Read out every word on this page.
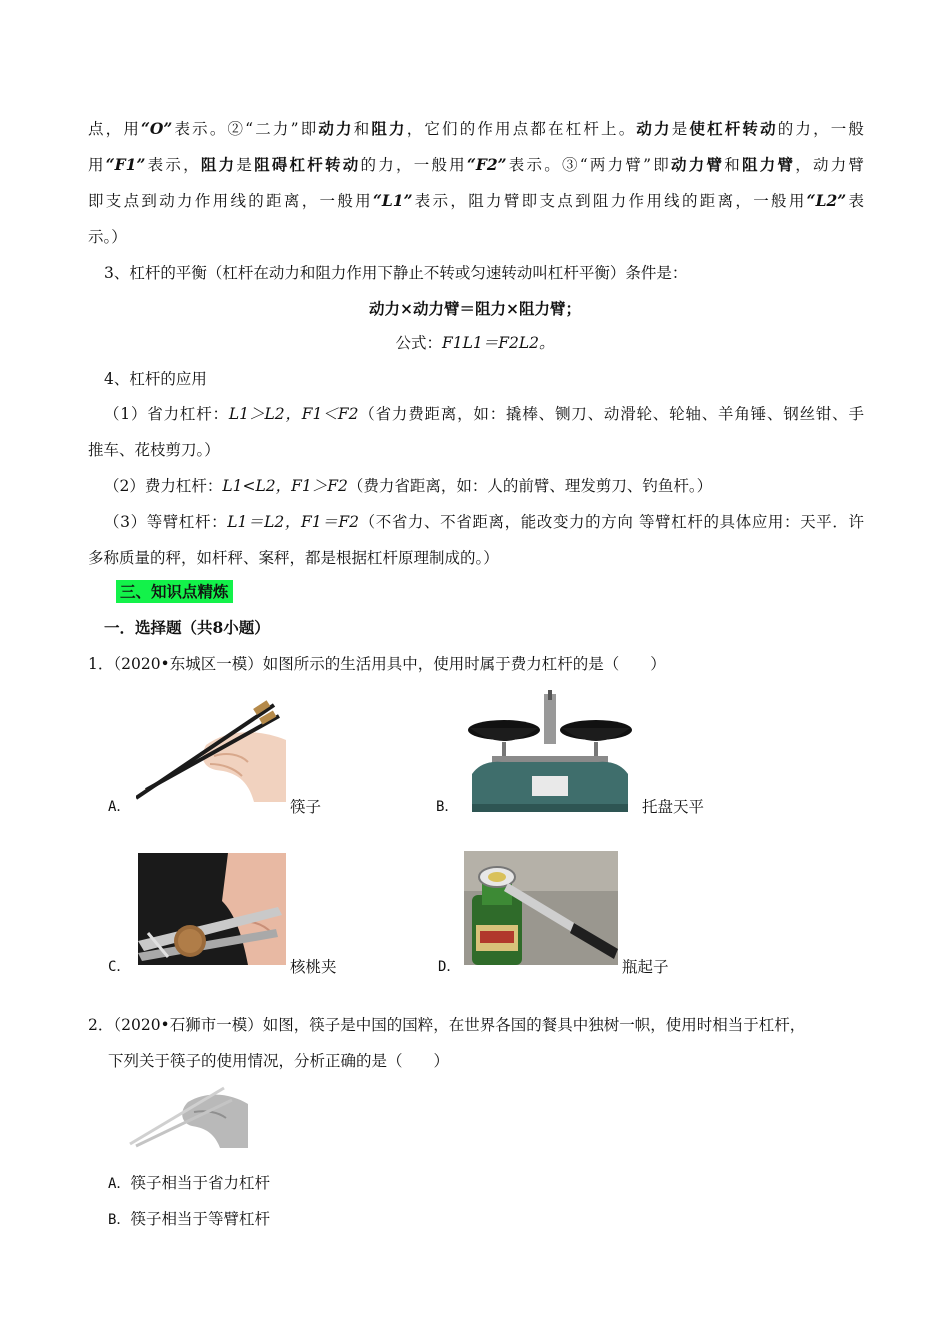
点，用“O”表示。②“二力”即动力和阻力，它们的作用点都在杠杆上。动力是使杠杆转动的力，一般
用“F1”表示，阻力是阻碍杠杆转动的力，一般用“F2”表示。③“两力臂”即动力臂和阻力臂，动力臂
即支点到动力作用线的距离，一般用“L1”表示，阻力臂即支点到阻力作用线的距离，一般用“L2”表
示。）
3、杠杆的平衡（杠杆在动力和阻力作用下静止不转或匀速转动叫杠杆平衡）条件是：
动力×动力臂＝阻力×阻力臂；
公式：F1L1＝F2L2。
4、杠杆的应用
（1）省力杠杆：L1＞L2，F1＜F2（省力费距离，如：撬棒、铡刀、动滑轮、轮轴、羊角锤、钢丝钳、手
推车、花枝剪刀。）
（2）费力杠杆：L1<L2，F1＞F2（费力省距离，如：人的前臂、理发剪刀、钓鱼杆。）
（3）等臂杠杆：L1＝L2，F1＝F2（不省力、不省距离，能改变力的方向 等臂杠杆的具体应用：天平．许
多称质量的秤，如杆秤、案秤，都是根据杠杆原理制成的。）
三、知识点精炼
一．选择题（共8小题）
1．（2020•东城区一模）如图所示的生活用具中，使用时属于费力杠杆的是（　　）
A．	筷子	B．	托盘天平
C．	核桃夹	D．	瓶起子
2．（2020•石狮市一模）如图，筷子是中国的国粹，在世界各国的餐具中独树一帜，使用时相当于杠杆，
下列关于筷子的使用情况，分析正确的是（　　）
A．筷子相当于省力杠杆
B．筷子相当于等臂杠杆
